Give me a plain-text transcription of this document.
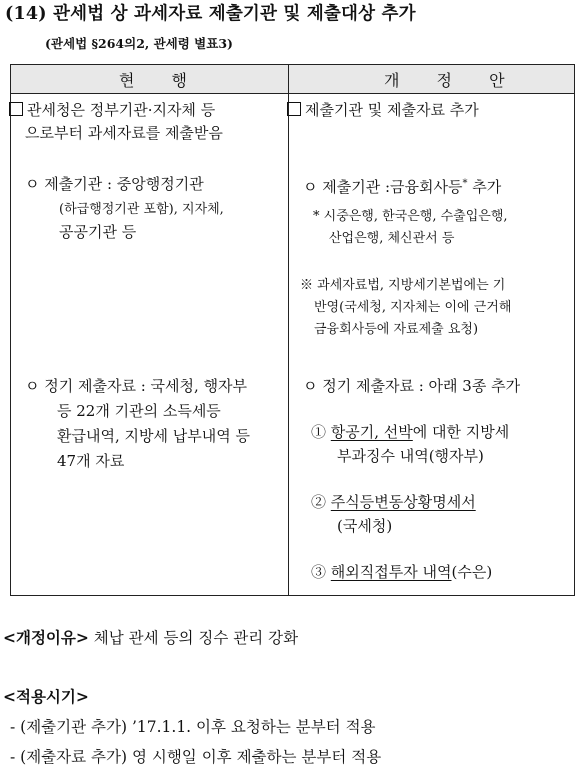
(14) 관세법 상 과세자료 제출기관 및 제출대상 추가
(관세법 §264의2, 관세령 별표3)
현 행	개 정 안
관세청은 정부기관·지자체 등
으로부터 과세자료를 제출받음
ㅇ 제출기관 : 중앙행정기관
(하급행정기관 포함), 지자체,
공공기관 등
ㅇ 정기 제출자료 : 국세청, 행자부
등 22개 기관의 소득세등
환급내역, 지방세 납부내역 등
47개 자료
제출기관 및 제출자료 추가
ㅇ 제출기관 :금융회사등* 추가
* 시중은행, 한국은행, 수출입은행,
산업은행, 체신관서 등
※ 과세자료법, 지방세기본법에는 기
반영(국세청, 지자체는 이에 근거해
금융회사등에 자료제출 요청)
ㅇ 정기 제출자료 : 아래 3종 추가
① 항공기, 선박에 대한 지방세
부과징수 내역(행자부)
② 주식등변동상황명세서
(국세청)
③ 해외직접투자 내역(수은)
<개정이유> 체납 관세 등의 징수 관리 강화
<적용시기>
- (제출기관 추가) ’17.1.1. 이후 요청하는 분부터 적용
- (제출자료 추가) 영 시행일 이후 제출하는 분부터 적용
